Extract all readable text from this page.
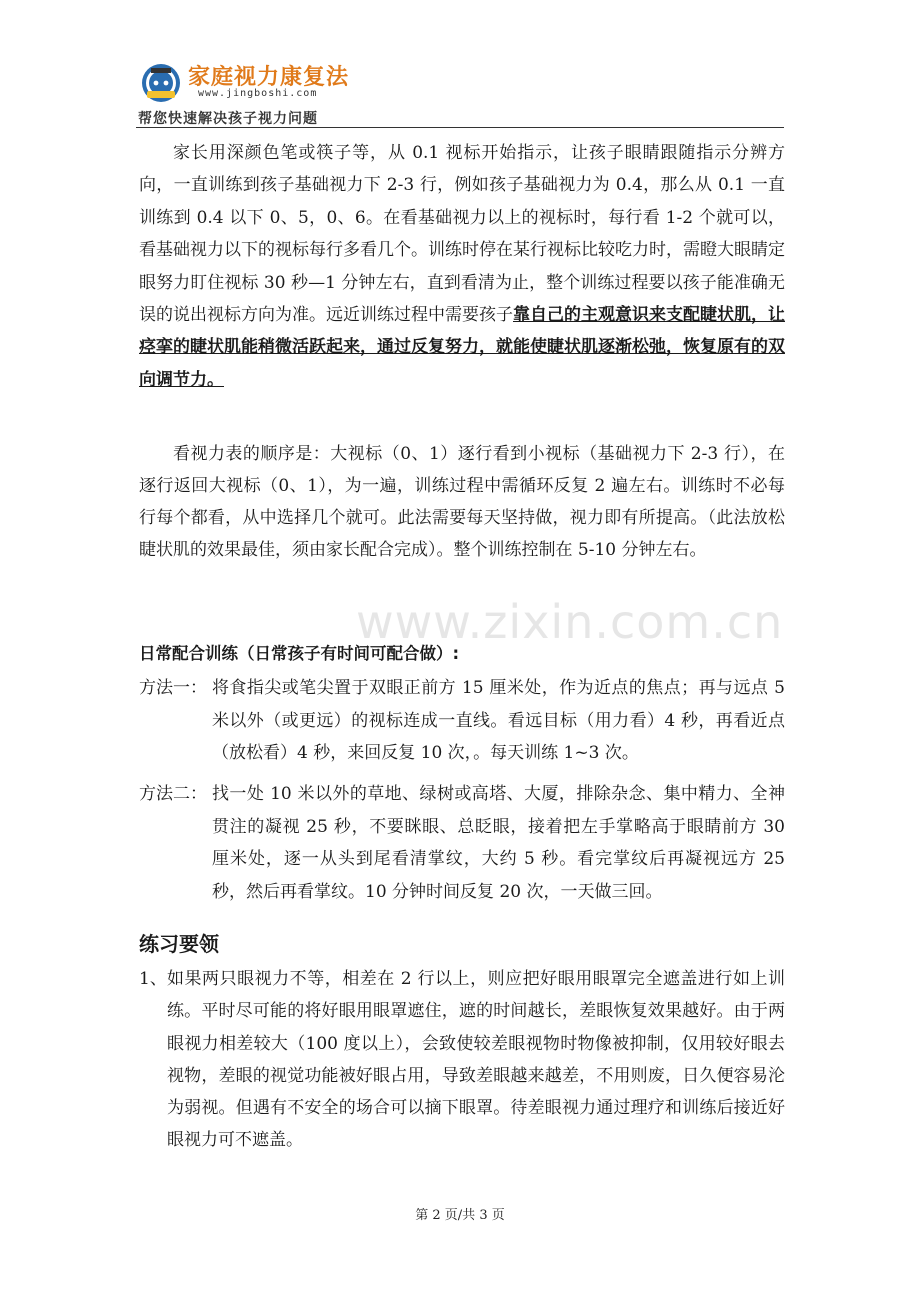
家庭视力康复法
www.jingboshi.com
帮您快速解决孩子视力问题
www.zixin.com.cn
家长用深颜色笔或筷子等，从 0.1 视标开始指示，让孩子眼睛跟随指示分辨方向，一直训练到孩子基础视力下 2-3 行，例如孩子基础视力为 0.4，那么从 0.1 一直训练到 0.4 以下 0、5，0、6。在看基础视力以上的视标时，每行看 1-2 个就可以，看基础视力以下的视标每行多看几个。训练时停在某行视标比较吃力时，需瞪大眼睛定眼努力盯住视标 30 秒—1 分钟左右，直到看清为止，整个训练过程要以孩子能准确无误的说出视标方向为准。远近训练过程中需要孩子靠自己的主观意识来支配睫状肌，让痉挛的睫状肌能稍微活跃起来，通过反复努力，就能使睫状肌逐渐松弛，恢复原有的双向调节力。
看视力表的顺序是：大视标（0、1）逐行看到小视标（基础视力下 2-3 行），在逐行返回大视标（0、1），为一遍，训练过程中需循环反复 2 遍左右。训练时不必每行每个都看，从中选择几个就可。此法需要每天坚持做，视力即有所提高。（此法放松睫状肌的效果最佳，须由家长配合完成）。整个训练控制在 5-10 分钟左右。
日常配合训练（日常孩子有时间可配合做）:
方法一： 将食指尖或笔尖置于双眼正前方 15 厘米处，作为近点的焦点；再与远点 5 米以外（或更远）的视标连成一直线。看远目标（用力看）4 秒，再看近点（放松看）4 秒，来回反复 10 次，。每天训练 1~3 次。
方法二： 找一处 10 米以外的草地、绿树或高塔、大厦，排除杂念、集中精力、全神贯注的凝视 25 秒，不要眯眼、总眨眼，接着把左手掌略高于眼睛前方 30 厘米处，逐一从头到尾看清掌纹，大约 5 秒。看完掌纹后再凝视远方 25 秒，然后再看掌纹。10 分钟时间反复 20 次，一天做三回。
练习要领
1、 如果两只眼视力不等，相差在 2 行以上，则应把好眼用眼罩完全遮盖进行如上训练。平时尽可能的将好眼用眼罩遮住，遮的时间越长，差眼恢复效果越好。由于两眼视力相差较大（100 度以上），会致使较差眼视物时物像被抑制，仅用较好眼去视物，差眼的视觉功能被好眼占用，导致差眼越来越差，不用则废，日久便容易沦为弱视。但遇有不安全的场合可以摘下眼罩。待差眼视力通过理疗和训练后接近好眼视力可不遮盖。
第 2 页/共 3 页
